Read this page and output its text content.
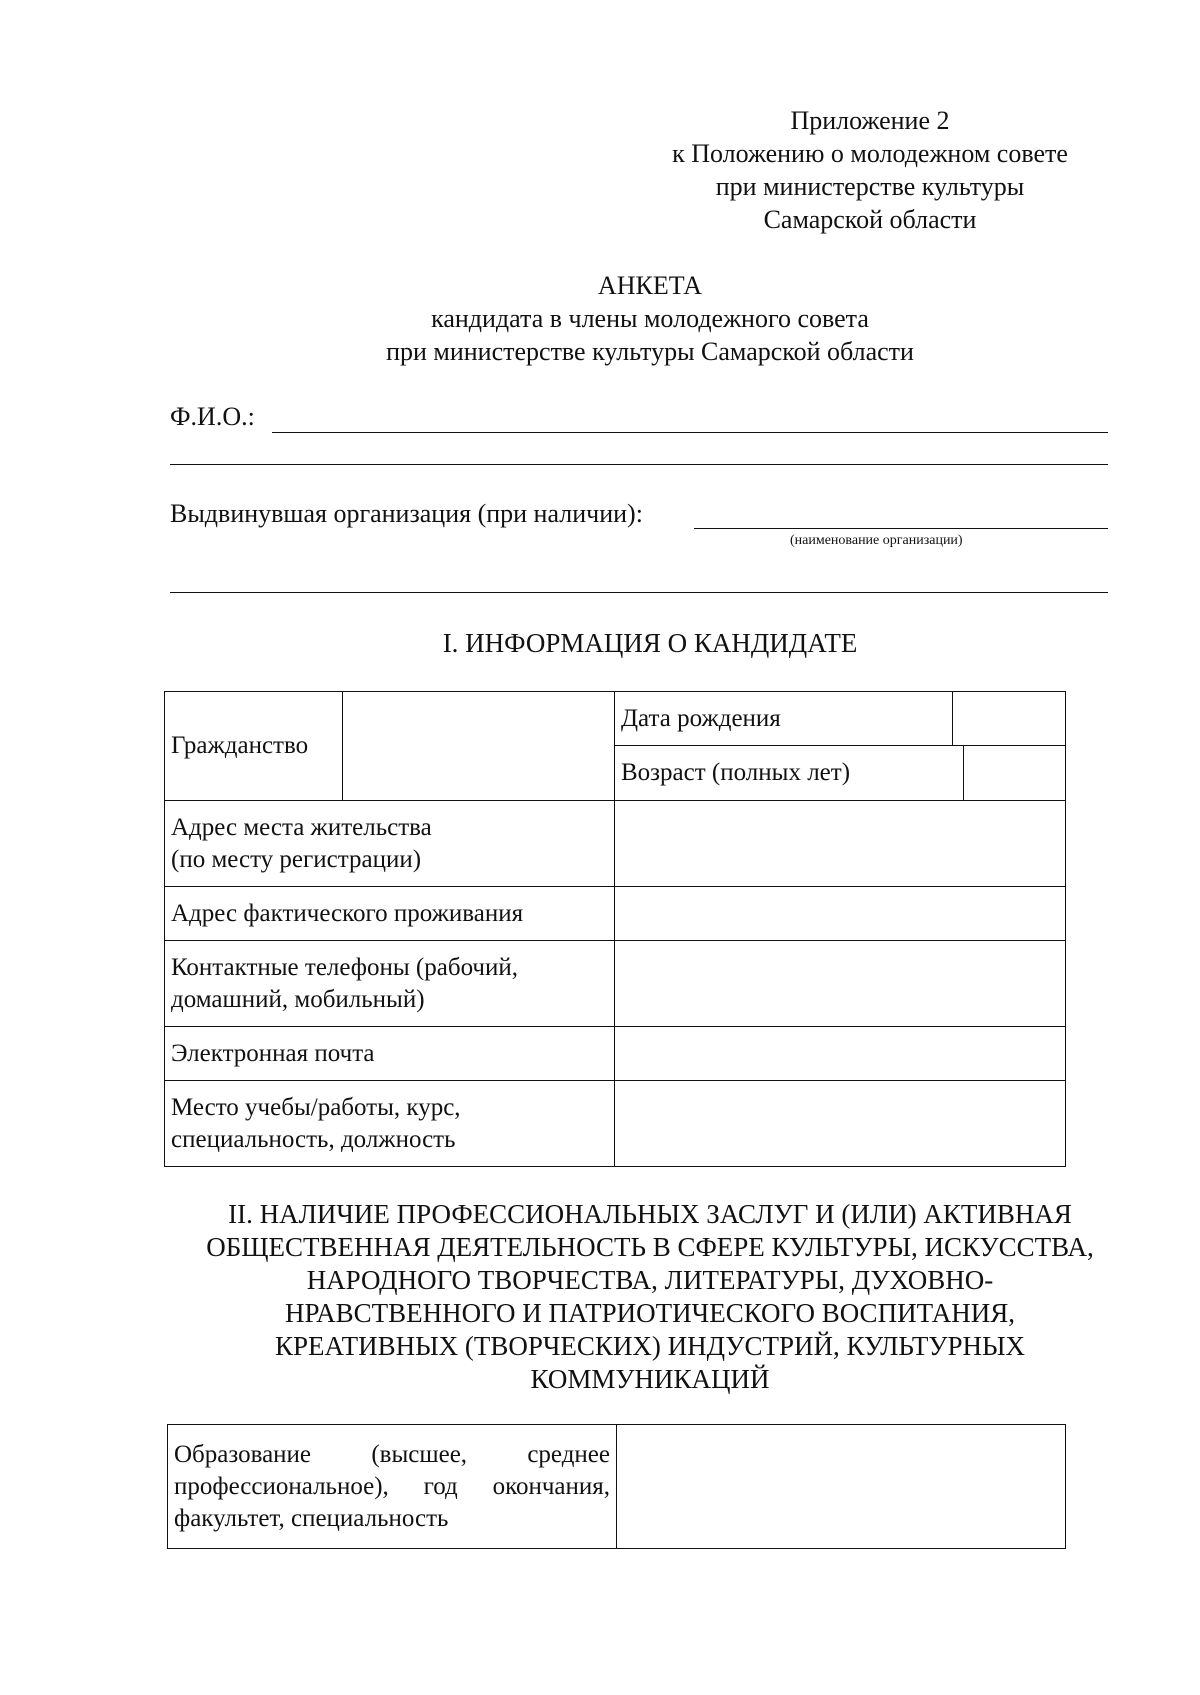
Приложение 2
к Положению о молодежном совете
при министерстве культуры
Самарской области
АНКЕТА
кандидата в члены молодежного совета
при министерстве культуры Самарской области
Ф.И.О.:
Выдвинувшая организация (при наличии):
(наименование организации)
I. ИНФОРМАЦИЯ О КАНДИДАТЕ
Гражданство		Дата рождения	

Возраст (полных лет)	

Адрес места жительства
(по месту регистрации)			
Адрес фактического проживания			
Контактные телефоны (рабочий,
домашний, мобильный)			
Электронная почта			
Место учебы/работы, курс,
специальность, должность			
II. НАЛИЧИЕ ПРОФЕССИОНАЛЬНЫХ ЗАСЛУГ И (ИЛИ) АКТИВНАЯ
ОБЩЕСТВЕННАЯ ДЕЯТЕЛЬНОСТЬ В СФЕРЕ КУЛЬТУРЫ, ИСКУССТВА,
НАРОДНОГО ТВОРЧЕСТВА, ЛИТЕРАТУРЫ, ДУХОВНО-
НРАВСТВЕННОГО И ПАТРИОТИЧЕСКОГО ВОСПИТАНИЯ,
КРЕАТИВНЫХ (ТВОРЧЕСКИХ) ИНДУСТРИЙ, КУЛЬТУРНЫХ
КОММУНИКАЦИЙ
Образование (высшее, среднее профессиональное), год окончания, факультет, специальность	
